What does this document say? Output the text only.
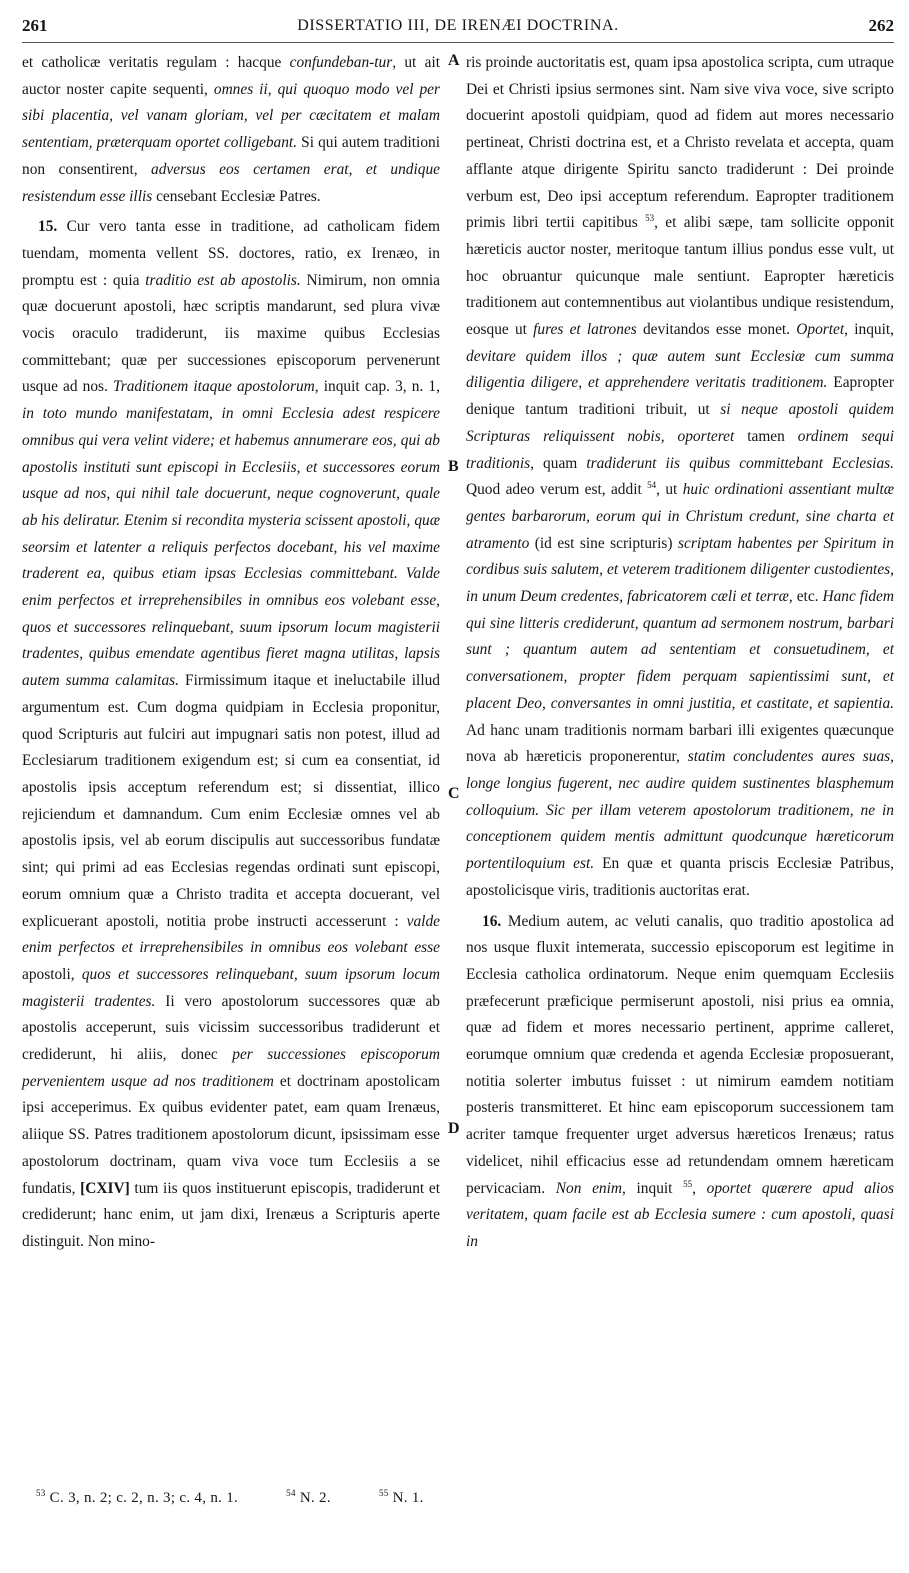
261	DISSERTATIO III, DE IRENÆI DOCTRINA.	262

et catholicæ veritatis regulam : hacque confundeban-tur, ut ait auctor noster capite sequenti, omnes ii, qui quoquo modo vel per sibi placentia, vel vanam gloriam, vel per cæcitatem et malam sententiam, præterquam oportet colligebant. Si qui autem traditioni non consentirent, adversus eos certamen erat, et undique resistendum esse illis censebant Ecclesiæ Patres.

15. Cur vero tanta esse in traditione, ad catholicam fidem tuendam, momenta vellent SS. doctores, ratio, ex Irenæo, in promptu est : quia traditio est ab apostolis. Nimirum, non omnia quæ docuerunt apostoli, hæc scriptis mandarunt, sed plura vivæ vocis oraculo tradiderunt, iis maxime quibus Ecclesias committebant; quæ per successiones episcoporum pervenerunt usque ad nos. Traditionem itaque apostolorum, inquit cap. 3, n. 1, in toto mundo manifestatam, in omni Ecclesia adest respicere omnibus qui vera velint videre; et habemus annumerare eos, qui ab apostolis instituti sunt episcopi in Ecclesiis, et successores eorum usque ad nos, qui nihil tale docuerunt, neque cognoverunt, quale ab his deliratur. Etenim si recondita mysteria scissent apostoli, quæ seorsim et latenter a reliquis perfectos docebant, his vel maxime traderent ea, quibus etiam ipsas Ecclesias committebant. Valde enim perfectos et irreprehensibiles in omnibus eos volebant esse, quos et successores relinquebant, suum ipsorum locum magisterii tradentes, quibus emendate agentibus fieret magna utilitas, lapsis autem summa calamitas. Firmissimum itaque et ineluctabile illud argumentum est. Cum dogma quidpiam in Ecclesia proponitur, quod Scripturis aut fulciri aut impugnari satis non potest, illud ad Ecclesiarum traditionem exigendum est; si cum ea consentiat, id apostolis ipsis acceptum referendum est; si dissentiat, illico rejiciendum et damnandum. Cum enim Ecclesiæ omnes vel ab apostolis ipsis, vel ab eorum discipulis aut successoribus fundatæ sint; qui primi ad eas Ecclesias regendas ordinati sunt episcopi, eorum omnium quæ a Christo tradita et accepta docuerant, vel explicuerant apostoli, notitia probe instructi accesserunt : valde enim perfectos et irreprehensibiles in omnibus eos volebant esse apostoli, quos et successores relinquebant, suum ipsorum locum magisterii tradentes. Ii vero apostolorum successores quæ ab apostolis acceperunt, suis vicissim successoribus tradiderunt et crediderunt, hi aliis, donec per successiones episcoporum pervenientem usque ad nos traditionem et doctrinam apostolicam ipsi acceperimus. Ex quibus evidenter patet, eam quam Irenæus, aliique SS. Patres traditionem apostolorum dicunt, ipsissimam esse apostolorum doctrinam, quam viva voce tum Ecclesiis a se fundatis, [CXIV] tum iis quos instituerunt episcopis, tradiderunt et crediderunt; hanc enim, ut jam dixi, Irenæus a Scripturis aperte distinguit. Non mino-

A
B
C
D

ris proinde auctoritatis est, quam ipsa apostolica scripta, cum utraque Dei et Christi ipsius sermones sint. Nam sive viva voce, sive scripto docuerint apostoli quidpiam, quod ad fidem aut mores necessario pertineat, Christi doctrina est, et a Christo revelata et accepta, quam afflante atque dirigente Spiritu sancto tradiderunt : Dei proinde verbum est, Deo ipsi acceptum referendum. Eapropter traditionem primis libri tertii capitibus $^{53}$, et alibi sæpe, tam sollicite opponit hæreticis auctor noster, meritoque tantum illius pondus esse vult, ut hoc obruantur quicunque male sentiunt. Eapropter hæreticis traditionem aut contemnentibus aut violantibus undique resistendum, eosque ut fures et latrones devitandos esse monet. Oportet, inquit, devitare quidem illos ; quæ autem sunt Ecclesiæ cum summa diligentia diligere, et apprehendere veritatis traditionem. Eapropter denique tantum traditioni tribuit, ut si neque apostoli quidem Scripturas reliquissent nobis, oporteret tamen ordinem sequi traditionis, quam tradiderunt iis quibus committebant Ecclesias. Quod adeo verum est, addit $^{54}$, ut huic ordinationi assentiant multæ gentes barbarorum, eorum qui in Christum credunt, sine charta et atramento (id est sine scripturis) scriptam habentes per Spiritum in cordibus suis salutem, et veterem traditionem diligenter custodientes, in unum Deum credentes, fabricatorem cæli et terræ, etc. Hanc fidem qui sine litteris crediderunt, quantum ad sermonem nostrum, barbari sunt ; quantum autem ad sententiam et consuetudinem, et conversationem, propter fidem perquam sapientissimi sunt, et placent Deo, conversantes in omni justitia, et castitate, et sapientia. Ad hanc unam traditionis normam barbari illi exigentes quæcunque nova ab hæreticis proponerentur, statim concludentes aures suas, longe longius fugerent, nec audire quidem sustinentes blasphemum colloquium. Sic per illam veterem apostolorum traditionem, ne in conceptionem quidem mentis admittunt quodcunque hæreticorum portentiloquium est. En quæ et quanta priscis Ecclesiæ Patribus, apostolicisque viris, traditionis auctoritas erat.

16. Medium autem, ac veluti canalis, quo traditio apostolica ad nos usque fluxit intemerata, successio episcoporum est legitime in Ecclesia catholica ordinatorum. Neque enim quemquam Ecclesiis præfecerunt præficique permiserunt apostoli, nisi prius ea omnia, quæ ad fidem et mores necessario pertinent, apprime calleret, eorumque omnium quæ credenda et agenda Ecclesiæ proposuerant, notitia solerter imbutus fuisset : ut nimirum eamdem notitiam posteris transmitteret. Et hinc eam episcoporum successionem tam acriter tamque frequenter urget adversus hæreticos Irenæus; ratus videlicet, nihil efficacius esse ad retundendam omnem hæreticam pervicaciam. Non enim, inquit $^{55}$, oportet quærere apud alios veritatem, quam facile est ab Ecclesia sumere : cum apostoli, quasi in

$^{53}$ C. 3, n. 2; c. 2, n. 3; c. 4, n. 1.	$^{54}$ N. 2.	$^{55}$ N. 1.
